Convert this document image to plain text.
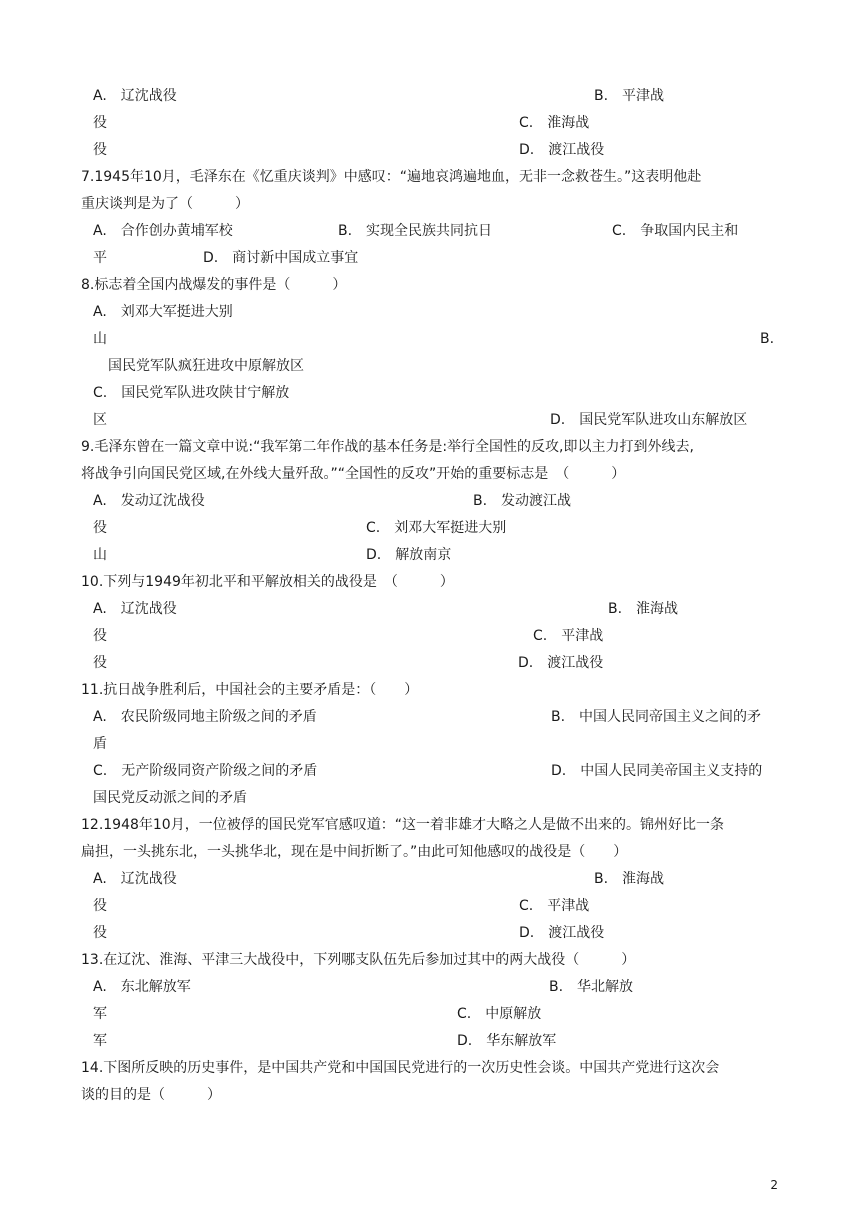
A.　辽沈战役	B.　平津战
役	C.　淮海战
役	D.　渡江战役
7.1945年10月，毛泽东在《忆重庆谈判》中感叹：“遍地哀鸿遍地血，无非一念救苍生。”这表明他赴
重庆谈判是为了（　　　）
A.　合作创办黄埔军校	B.　实现全民族共同抗日	C.　争取国内民主和
平	D.　商讨新中国成立事宜
8.标志着全国内战爆发的事件是（　　　）
A.　刘邓大军挺进大别
山	B.
国民党军队疯狂进攻中原解放区
C.　国民党军队进攻陕甘宁解放
区	D.　国民党军队进攻山东解放区
9.毛泽东曾在一篇文章中说:“我军第二年作战的基本任务是:举行全国性的反攻,即以主力打到外线去,
将战争引向国民党区域,在外线大量歼敌。”“全国性的反攻”开始的重要标志是　（　　　）
A.　发动辽沈战役	B.　发动渡江战
役	C.　刘邓大军挺进大别
山	D.　解放南京
10.下列与1949年初北平和平解放相关的战役是　（　　　）
A.　辽沈战役	B.　淮海战
役	C.　平津战
役	D.　渡江战役
11.抗日战争胜利后，中国社会的主要矛盾是：（　　）
A.　农民阶级同地主阶级之间的矛盾	B.　中国人民同帝国主义之间的矛
盾
C.　无产阶级同资产阶级之间的矛盾	D.　中国人民同美帝国主义支持的
国民党反动派之间的矛盾
12.1948年10月，一位被俘的国民党军官感叹道：“这一着非雄才大略之人是做不出来的。锦州好比一条
扁担，一头挑东北，一头挑华北，现在是中间折断了。”由此可知他感叹的战役是（　　）
A.　辽沈战役	B.　淮海战
役	C.　平津战
役	D.　渡江战役
13.在辽沈、淮海、平津三大战役中，下列哪支队伍先后参加过其中的两大战役（　　　）
A.　东北解放军	B.　华北解放
军	C.　中原解放
军	D.　华东解放军
14.下图所反映的历史事件，是中国共产党和中国国民党进行的一次历史性会谈。中国共产党进行这次会
谈的目的是（　　　）
2
